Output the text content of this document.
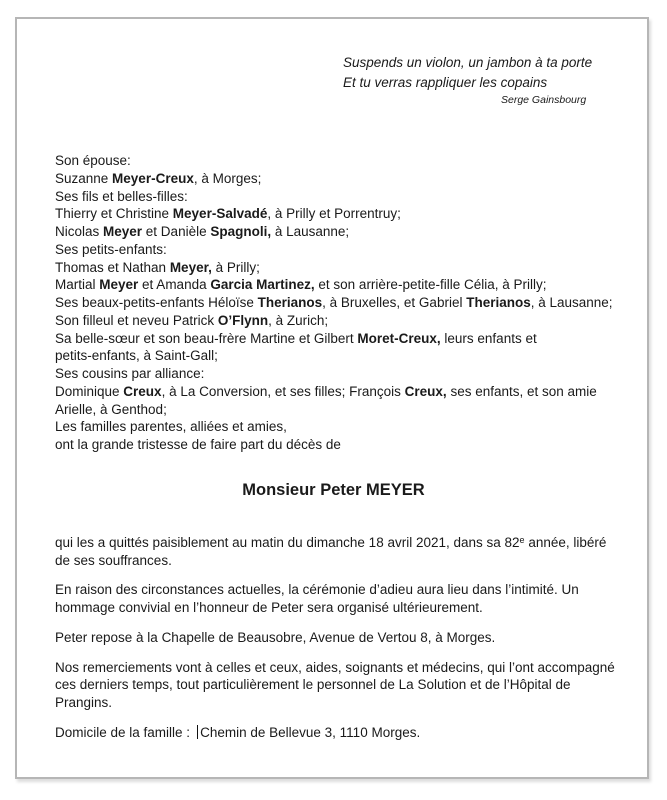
Suspends un violon, un jambon à ta porte
Et tu verras rappliquer les copains
Serge Gainsbourg
Son épouse:
Suzanne Meyer-Creux, à Morges;
Ses fils et belles-filles:
Thierry et Christine Meyer-Salvadé, à Prilly et Porrentruy;
Nicolas Meyer et Danièle Spagnoli, à Lausanne;
Ses petits-enfants:
Thomas et Nathan Meyer, à Prilly;
Martial Meyer et Amanda Garcia Martinez, et son arrière-petite-fille Célia, à Prilly;
Ses beaux-petits-enfants Héloïse Therianos, à Bruxelles, et Gabriel Therianos, à Lausanne;
Son filleul et neveu Patrick O’Flynn, à Zurich;
Sa belle-sœur et son beau-frère Martine et Gilbert Moret-Creux, leurs enfants et
petits-enfants, à Saint-Gall;
Ses cousins par alliance:
Dominique Creux, à La Conversion, et ses filles; François Creux, ses enfants, et son amie
Arielle, à Genthod;
Les familles parentes, alliées et amies,
ont la grande tristesse de faire part du décès de
Monsieur Peter MEYER
qui les a quittés paisiblement au matin du dimanche 18 avril 2021, dans sa 82e année, libéré
de ses souffrances.
En raison des circonstances actuelles, la cérémonie d’adieu aura lieu dans l’intimité. Un
hommage convivial en l’honneur de Peter sera organisé ultérieurement.
Peter repose à la Chapelle de Beausobre, Avenue de Vertou 8, à Morges.
Nos remerciements vont à celles et ceux, aides, soignants et médecins, qui l’ont accompagné
ces derniers temps, tout particulièrement le personnel de La Solution et de l’Hôpital de
Prangins.
Domicile de la famille : Chemin de Bellevue 3, 1110 Morges.
